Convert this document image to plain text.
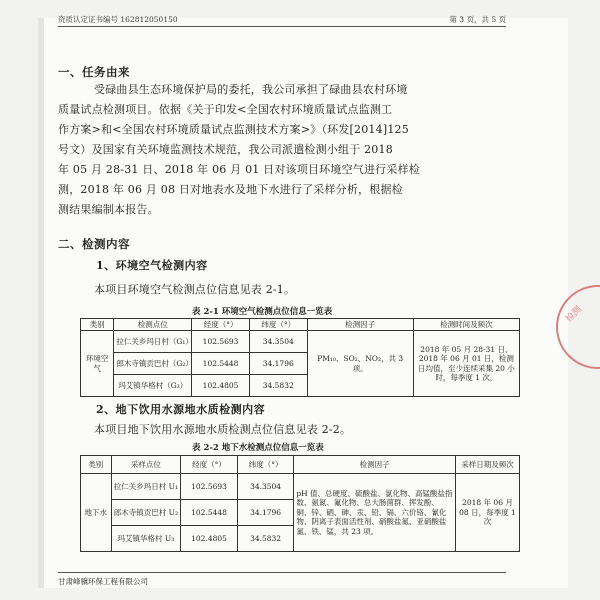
资质认定证书编号 162812050150	第 3 页，共 5 页
一、任务由来
受碌曲县生态环境保护局的委托，我公司承担了碌曲县农村环境
质量试点检测项目。依据《关于印发<全国农村环境质量试点监测工
作方案>和<全国农村环境质量试点监测技术方案>》（环发[2014]125
号文）及国家有关环境监测技术规范，我公司派遣检测小组于 2018
年 05 月 28-31 日、2018 年 06 月 01 日对该项目环境空气进行采样检
测，2018 年 06 月 08 日对地表水及地下水进行了采样分析，根据检
测结果编制本报告。
二、检测内容
1、环境空气检测内容
本项目环境空气检测点位信息见表 2-1。
表 2-1 环境空气检测点位信息一览表
类别	检测点位	经度（°）	纬度（°）	检测因子	检测时间及频次
环境空气	拉仁关乡玛日村（G₁）	102.5693	34.3504	PM₁₀、SO₂、NO₂，共 3 项。	2018 年 05 月 28-31 日、2018 年 06 月 01 日，检测日均值，至少连续采集 20 小时，每季度 1 次。
	郎木寺镇贡巴村（G₂）	102.5448	34.1796		
	玛艾镇华格村（G₃）	102.4805	34.5832		
2、地下饮用水源地水质检测内容
本项目地下饮用水源地水质检测点位信息见表 2-2。
表 2-2 地下水检测点位信息一览表
类别	采样点位	经度（°）	纬度（°）	检测因子	采样日期及频次
地下水	拉仁关乡玛日村 U₁	102.5693	34.3504	pH 值、总硬度、硫酸盐、氯化物、高锰酸盐指数、氨氮、氟化物、总大肠菌群、挥发酚、铜、锌、硒、砷、汞、铅、镉、六价铬、氰化物、阴离子表面活性剂、硝酸盐氮、亚硝酸盐氮、铁、锰，共 23 项。	2018 年 06 月 08 日，每季度 1 次
	郎木寺镇贡巴村 U₂	102.5448	34.1796		
	玛艾镇华格村 U₃	102.4805	34.5832		
甘肃峰骥环保工程有限公司
检测
